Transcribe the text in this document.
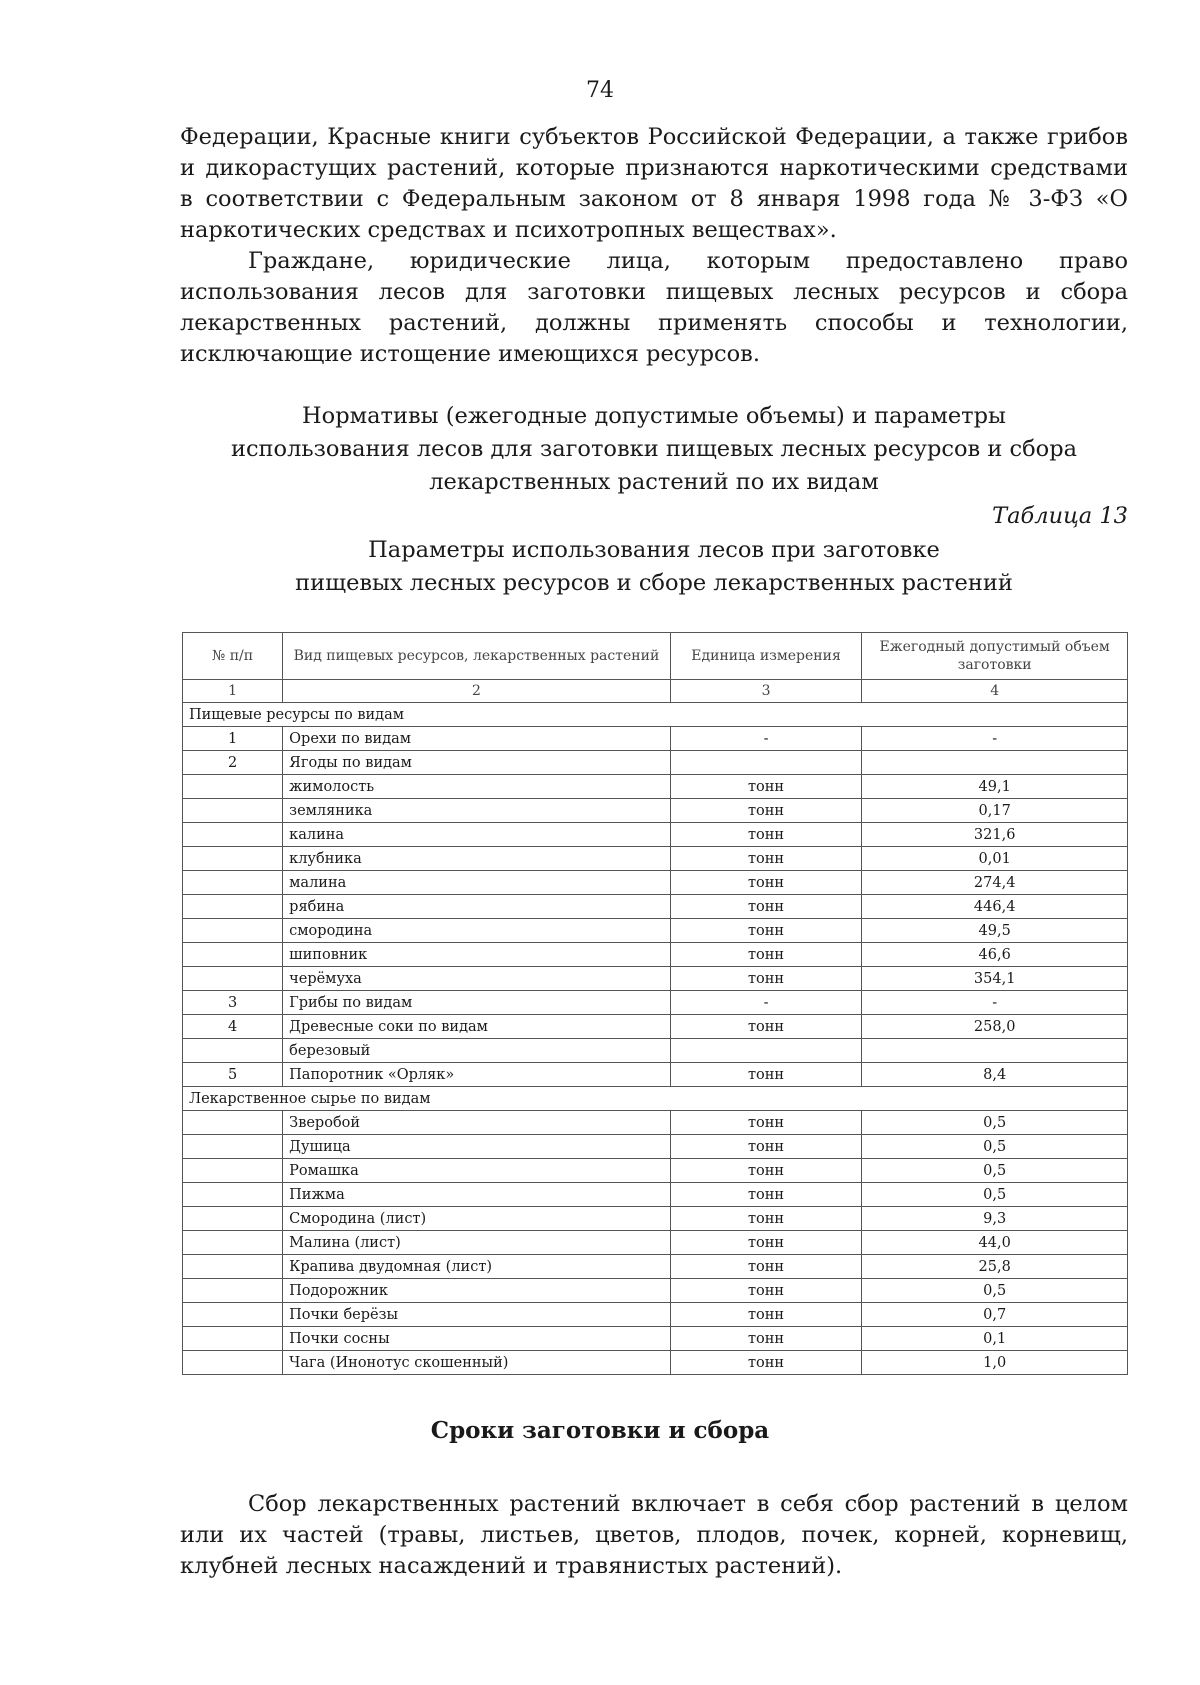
74

Федерации, Красные книги субъектов Российской Федерации, а также грибов и дикорастущих растений, которые признаются наркотическими средствами в соответствии с Федеральным законом от 8 января 1998 года № 3-ФЗ «О наркотических средствах и психотропных веществах».

Граждане, юридические лица, которым предоставлено право использования лесов для заготовки пищевых лесных ресурсов и сбора лекарственных растений, должны применять способы и технологии, исключающие истощение имеющихся ресурсов.

Нормативы (ежегодные допустимые объемы) и параметры
использования лесов для заготовки пищевых лесных ресурсов и сбора
лекарственных растений по их видам
Таблица 13
Параметры использования лесов при заготовке
пищевых лесных ресурсов и сборе лекарственных растений
№ п/п	Вид пищевых ресурсов, лекарственных растений	Единица измерения	Ежегодный допустимый объем заготовки
1	2	3	4
Пищевые ресурсы по видам			
1	Орехи по видам	-	-
2	Ягоды по видам		
	жимолость	тонн	49,1
	земляника	тонн	0,17
	калина	тонн	321,6
	клубника	тонн	0,01
	малина	тонн	274,4
	рябина	тонн	446,4
	смородина	тонн	49,5
	шиповник	тонн	46,6
	черёмуха	тонн	354,1
3	Грибы по видам	-	-
4	Древесные соки по видам	тонн	258,0
	березовый		
5	Папоротник «Орляк»	тонн	8,4
Лекарственное сырье по видам			
	Зверобой	тонн	0,5
	Душица	тонн	0,5
	Ромашка	тонн	0,5
	Пижма	тонн	0,5
	Смородина (лист)	тонн	9,3
	Малина (лист)	тонн	44,0
	Крапива двудомная (лист)	тонн	25,8
	Подорожник	тонн	0,5
	Почки берёзы	тонн	0,7
	Почки сосны	тонн	0,1
	Чага (Инонотус скошенный)	тонн	1,0
Сроки заготовки и сбора

Сбор лекарственных растений включает в себя сбор растений в целом или их частей (травы, листьев, цветов, плодов, почек, корней, корневищ, клубней лесных насаждений и травянистых растений).
